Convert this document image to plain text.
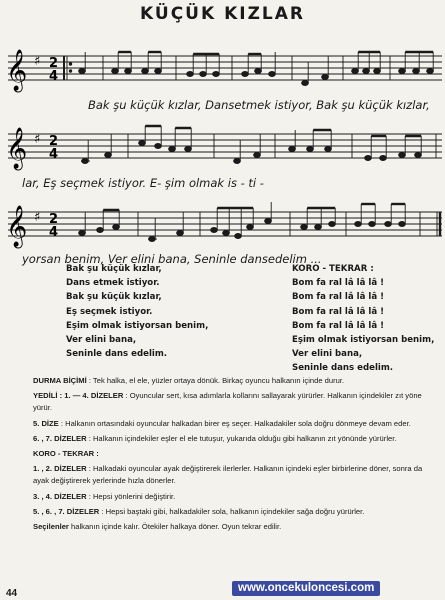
KÜÇÜK KIZLAR
𝄞 ♯ 2
4
Bak şu küçük kızlar, Dansetmek istiyor, Bak şu küçük kızlar,
𝄞 ♯ 2
4
lar, Eş seçmek istiyor. E- şim olmak is - ti -
𝄞 ♯ 2
4
yorsan benim, Ver elini bana, Seninle dansedelim ...
Bak şu küçük kızlar,
Dans etmek istiyor.
Bak şu küçük kızlar,
Eş seçmek istiyor.
Eşim olmak istiyorsan benim,
Ver elini bana,
Seninle dans edelim.
KORO - TEKRAR :
Bom fa ral lâ lâ lâ !
Bom fa ral lâ lâ lâ !
Bom fa ral lâ lâ lâ !
Bom fa ral lâ lâ lâ !
Eşim olmak istiyorsan benim,
Ver elini bana,
Seninle dans edelim.

DURMA BİÇİMİ : Tek halka, el ele, yüzler ortaya dönük. Birkaç oyuncu halkanın içinde durur.

YEDİLİ : 1. — 4. DİZELER : Oyuncular sert, kısa adımlarla kollarını sallayarak yürürler. Halkanın içindekiler zıt yöne yürür.

5. DİZE : Halkanın ortasındaki oyuncular halkadan birer eş seçer. Halkadakiler sola doğru dönmeye devam eder.

6. , 7. DİZELER : Halkanın içindekiler eşler el ele tutuşur, yukarıda olduğu gibi halkanın zıt yönünde yürürler.

KORO - TEKRAR :

1. , 2. DİZELER : Halkadaki oyuncular ayak değiştirerek ilerlerler. Halkanın içindeki eşler birbirlerine döner, sonra da ayak değiştirerek yerlerinde hızla dönerler.

3. , 4. DİZELER : Hepsi yönlerini değiştirir.

5. , 6. , 7. DİZELER : Hepsi baştaki gibi, halkadakiler sola, halkanın içindekiler sağa doğru yürürler.

Seçilenler halkanın içinde kalır. Ötekiler halkaya döner. Oyun tekrar edilir.

www.oncekuloncesi.com
44
